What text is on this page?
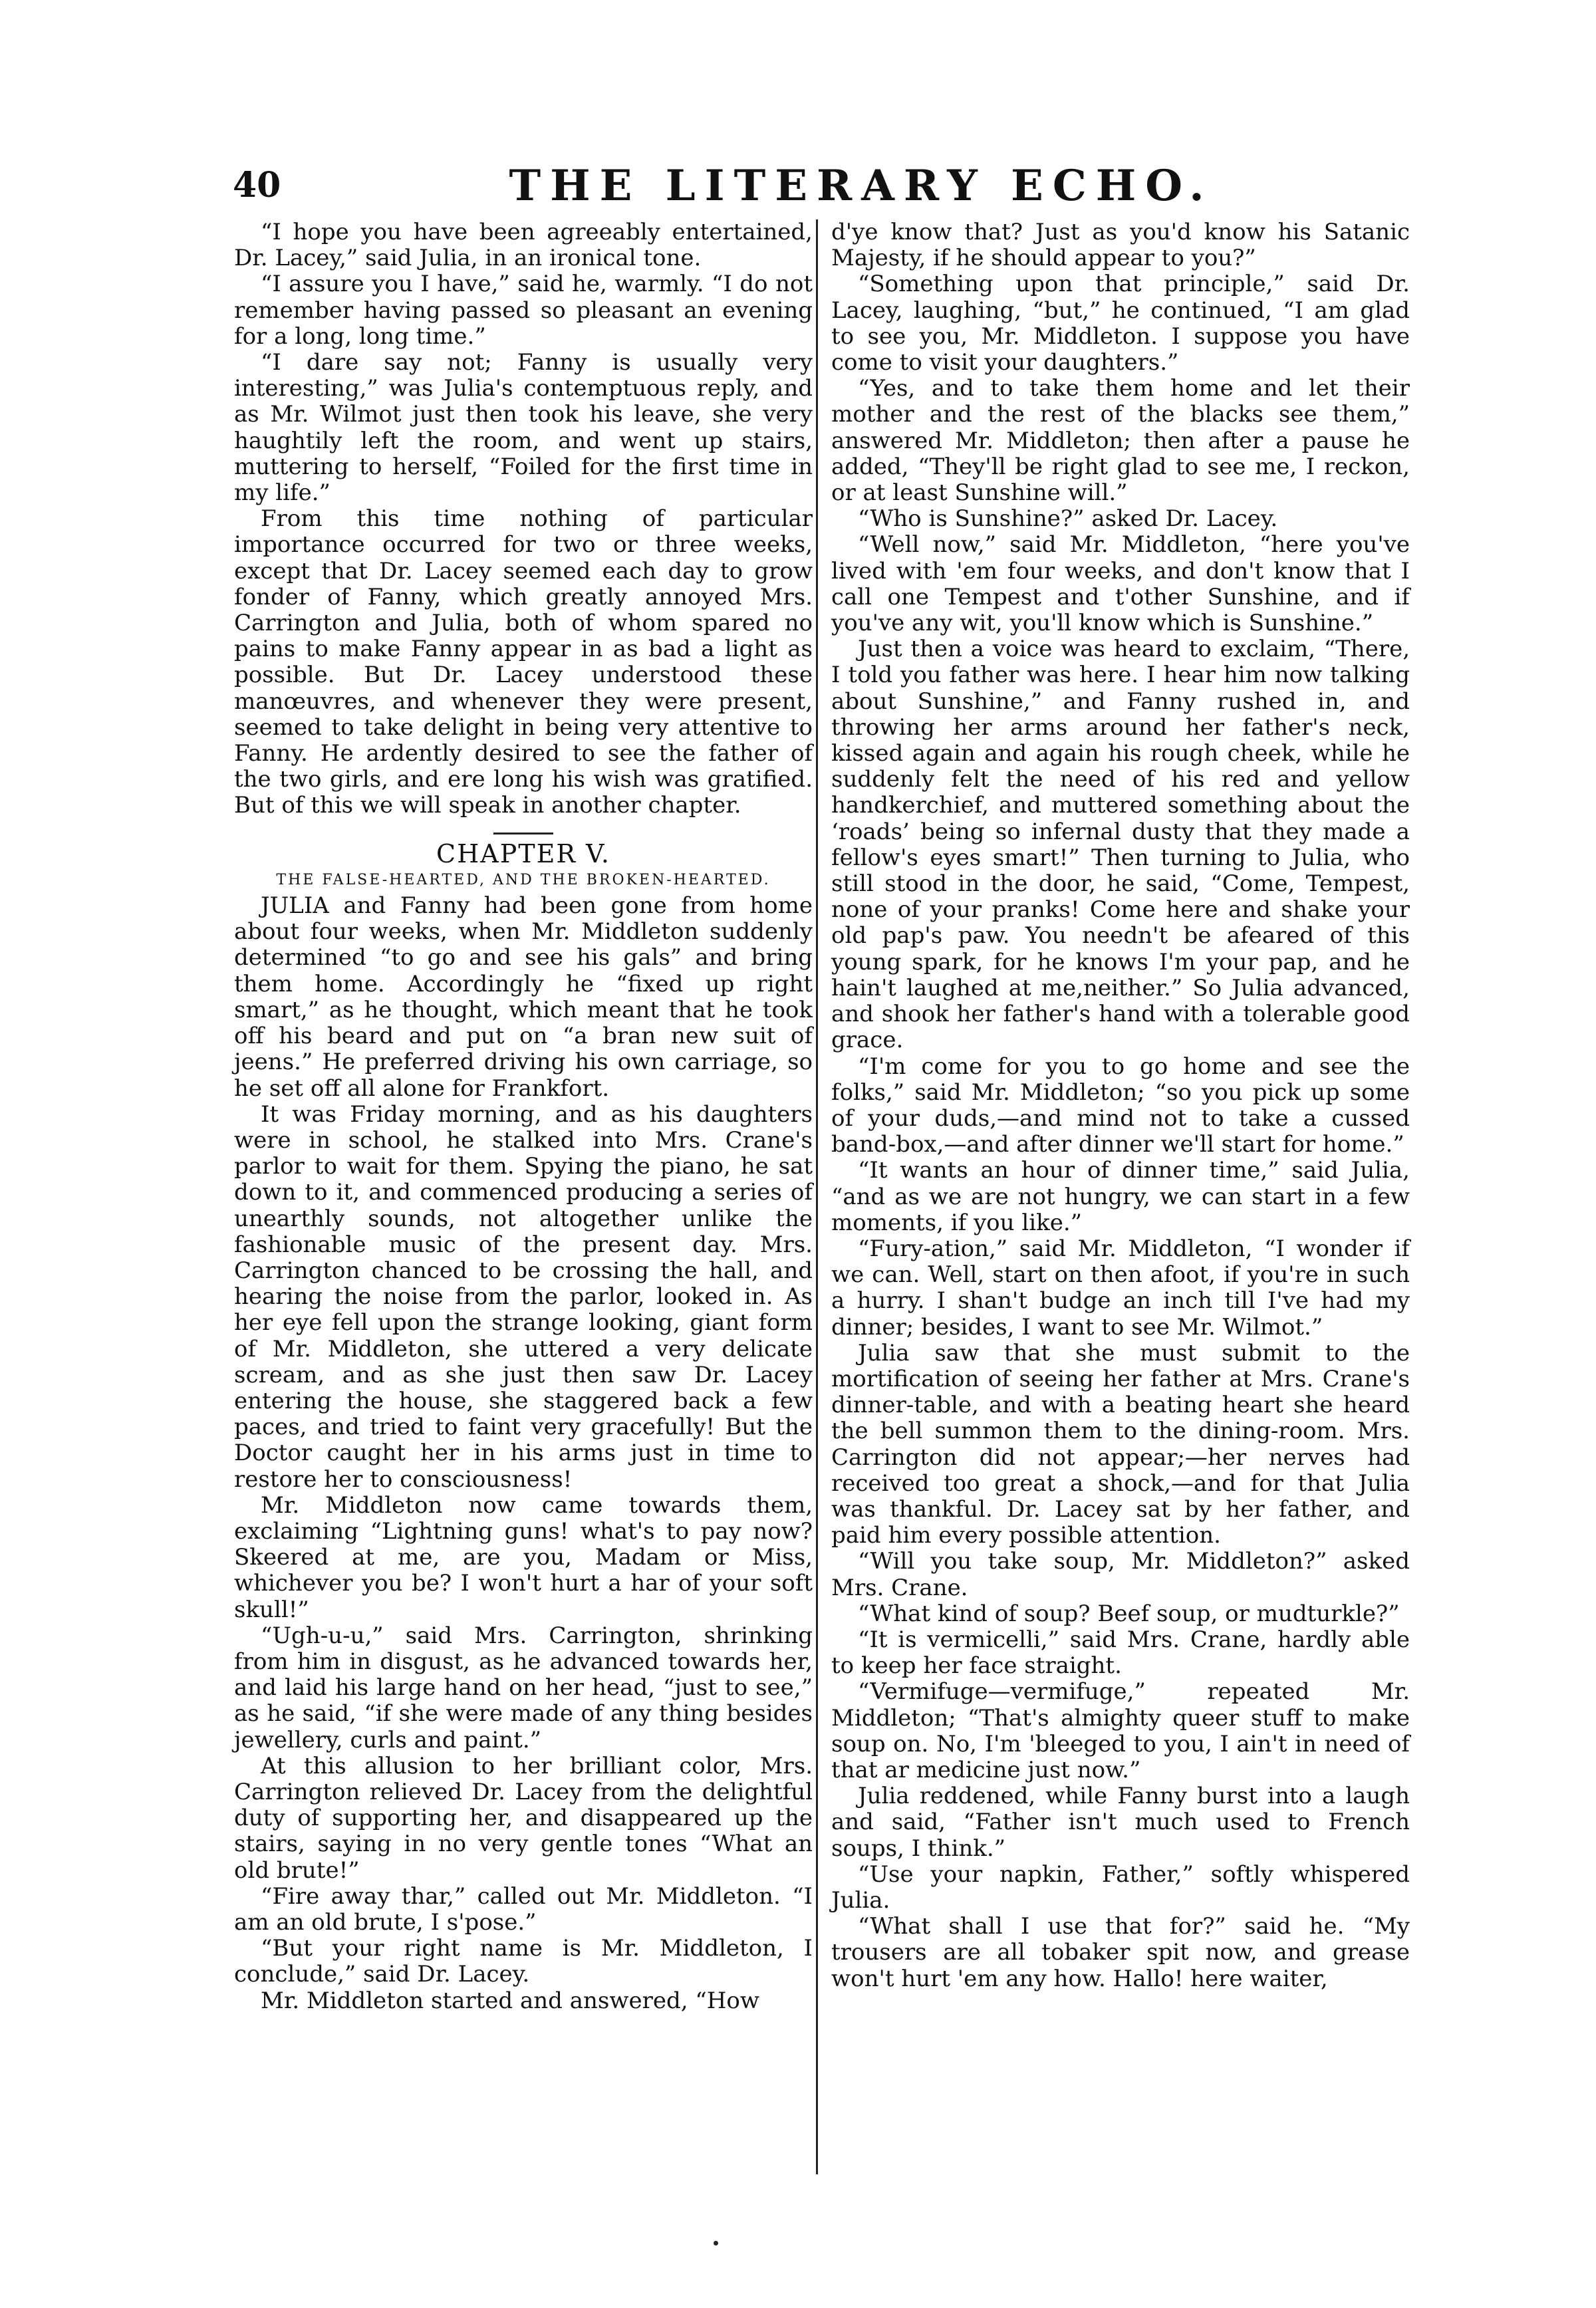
40	THE LITERARY ECHO.

“I hope you have been agreeably entertained, Dr. Lacey,” said Julia, in an ironical tone.

“I assure you I have,” said he, warmly. “I do not remember having passed so pleasant an evening for a long, long time.”

“I dare say not; Fanny is usually very interesting,” was Julia's contemptuous reply, and as Mr. Wilmot just then took his leave, she very haughtily left the room, and went up stairs, muttering to herself, “Foiled for the first time in my life.”

From this time nothing of particular importance occurred for two or three weeks, except that Dr. Lacey seemed each day to grow fonder of Fanny, which greatly annoyed Mrs. Carrington and Julia, both of whom spared no pains to make Fanny appear in as bad a light as possible. But Dr. Lacey understood these manœuvres, and whenever they were present, seemed to take delight in being very attentive to Fanny. He ardently desired to see the father of the two girls, and ere long his wish was gratified. But of this we will speak in another chapter.

CHAPTER V.

THE FALSE-HEARTED, AND THE BROKEN-HEARTED.

JULIA and Fanny had been gone from home about four weeks, when Mr. Middleton suddenly determined “to go and see his gals” and bring them home. Accordingly he “fixed up right smart,” as he thought, which meant that he took off his beard and put on “a bran new suit of jeens.” He preferred driving his own carriage, so he set off all alone for Frankfort.

It was Friday morning, and as his daughters were in school, he stalked into Mrs. Crane's parlor to wait for them. Spying the piano, he sat down to it, and commenced producing a series of unearthly sounds, not altogether unlike the fashionable music of the present day. Mrs. Carrington chanced to be crossing the hall, and hearing the noise from the parlor, looked in. As her eye fell upon the strange looking, giant form of Mr. Middleton, she uttered a very delicate scream, and as she just then saw Dr. Lacey entering the house, she staggered back a few paces, and tried to faint very gracefully! But the Doctor caught her in his arms just in time to restore her to consciousness!

Mr. Middleton now came towards them, exclaiming “Lightning guns! what's to pay now? Skeered at me, are you, Madam or Miss, whichever you be? I won't hurt a har of your soft skull!”

“Ugh-u-u,” said Mrs. Carrington, shrinking from him in disgust, as he advanced towards her, and laid his large hand on her head, “just to see,” as he said, “if she were made of any thing besides jewellery, curls and paint.”

At this allusion to her brilliant color, Mrs. Carrington relieved Dr. Lacey from the delightful duty of supporting her, and disappeared up the stairs, saying in no very gentle tones “What an old brute!”

“Fire away thar,” called out Mr. Middleton. “I am an old brute, I s'pose.”

“But your right name is Mr. Middleton, I conclude,” said Dr. Lacey.

Mr. Middleton started and answered, “How

d'ye know that? Just as you'd know his Satanic Majesty, if he should appear to you?”

“Something upon that principle,” said Dr. Lacey, laughing, “but,” he continued, “I am glad to see you, Mr. Middleton. I suppose you have come to visit your daughters.”

“Yes, and to take them home and let their mother and the rest of the blacks see them,” answered Mr. Middleton; then after a pause he added, “They'll be right glad to see me, I reckon, or at least Sunshine will.”

“Who is Sunshine?” asked Dr. Lacey.

“Well now,” said Mr. Middleton, “here you've lived with 'em four weeks, and don't know that I call one Tempest and t'other Sunshine, and if you've any wit, you'll know which is Sunshine.”

Just then a voice was heard to exclaim, “There, I told you father was here. I hear him now talking about Sunshine,” and Fanny rushed in, and throwing her arms around her father's neck, kissed again and again his rough cheek, while he suddenly felt the need of his red and yellow handkerchief, and muttered something about the ‘roads’ being so infernal dusty that they made a fellow's eyes smart!” Then turning to Julia, who still stood in the door, he said, “Come, Tempest, none of your pranks! Come here and shake your old pap's paw. You needn't be afeared of this young spark, for he knows I'm your pap, and he hain't laughed at me,neither.” So Julia advanced, and shook her father's hand with a tolerable good grace.

“I'm come for you to go home and see the folks,” said Mr. Middleton; “so you pick up some of your duds,—and mind not to take a cussed band-box,—and after dinner we'll start for home.”

“It wants an hour of dinner time,” said Julia, “and as we are not hungry, we can start in a few moments, if you like.”

“Fury-ation,” said Mr. Middleton, “I wonder if we can. Well, start on then afoot, if you're in such a hurry. I shan't budge an inch till I've had my dinner; besides, I want to see Mr. Wilmot.”

Julia saw that she must submit to the mortification of seeing her father at Mrs. Crane's dinner-table, and with a beating heart she heard the bell summon them to the dining-room. Mrs. Carrington did not appear;—her nerves had received too great a shock,—and for that Julia was thankful. Dr. Lacey sat by her father, and paid him every possible attention.

“Will you take soup, Mr. Middleton?” asked Mrs. Crane.

“What kind of soup? Beef soup, or mudturkle?”

“It is vermicelli,” said Mrs. Crane, hardly able to keep her face straight.

“Vermifuge—vermifuge,” repeated Mr. Middleton; “That's almighty queer stuff to make soup on. No, I'm 'bleeged to you, I ain't in need of that ar medicine just now.”

Julia reddened, while Fanny burst into a laugh and said, “Father isn't much used to French soups, I think.”

“Use your napkin, Father,” softly whispered Julia.

“What shall I use that for?” said he. “My trousers are all tobaker spit now, and grease won't hurt 'em any how. Hallo! here waiter,
